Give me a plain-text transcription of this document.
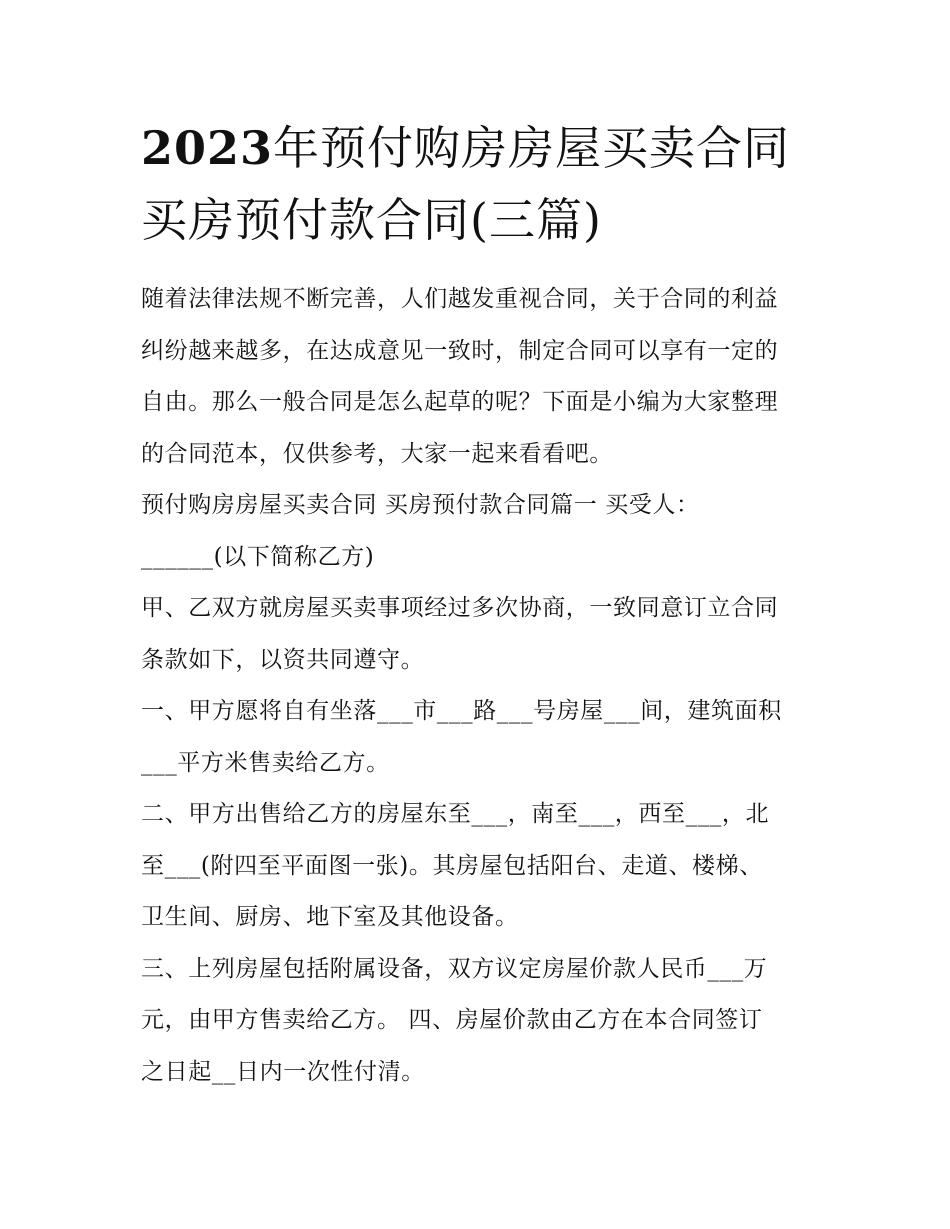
2023年预付购房房屋买卖合同
买房预付款合同(三篇)

随着法律法规不断完善，人们越发重视合同，关于合同的利益

纠纷越来越多，在达成意见一致时，制定合同可以享有一定的

自由。那么一般合同是怎么起草的呢？下面是小编为大家整理

的合同范本，仅供参考，大家一起来看看吧。

预付购房房屋买卖合同 买房预付款合同篇一 买受人：

______(以下简称乙方)

甲、乙双方就房屋买卖事项经过多次协商，一致同意订立合同

条款如下，以资共同遵守。

一、甲方愿将自有坐落___市___路___号房屋___间，建筑面积

___平方米售卖给乙方。

二、甲方出售给乙方的房屋东至___，南至___，西至___，北

至___(附四至平面图一张)。其房屋包括阳台、走道、楼梯、

卫生间、厨房、地下室及其他设备。

三、上列房屋包括附属设备，双方议定房屋价款人民币___万

元，由甲方售卖给乙方。 四、房屋价款由乙方在本合同签订

之日起__日内一次性付清。
